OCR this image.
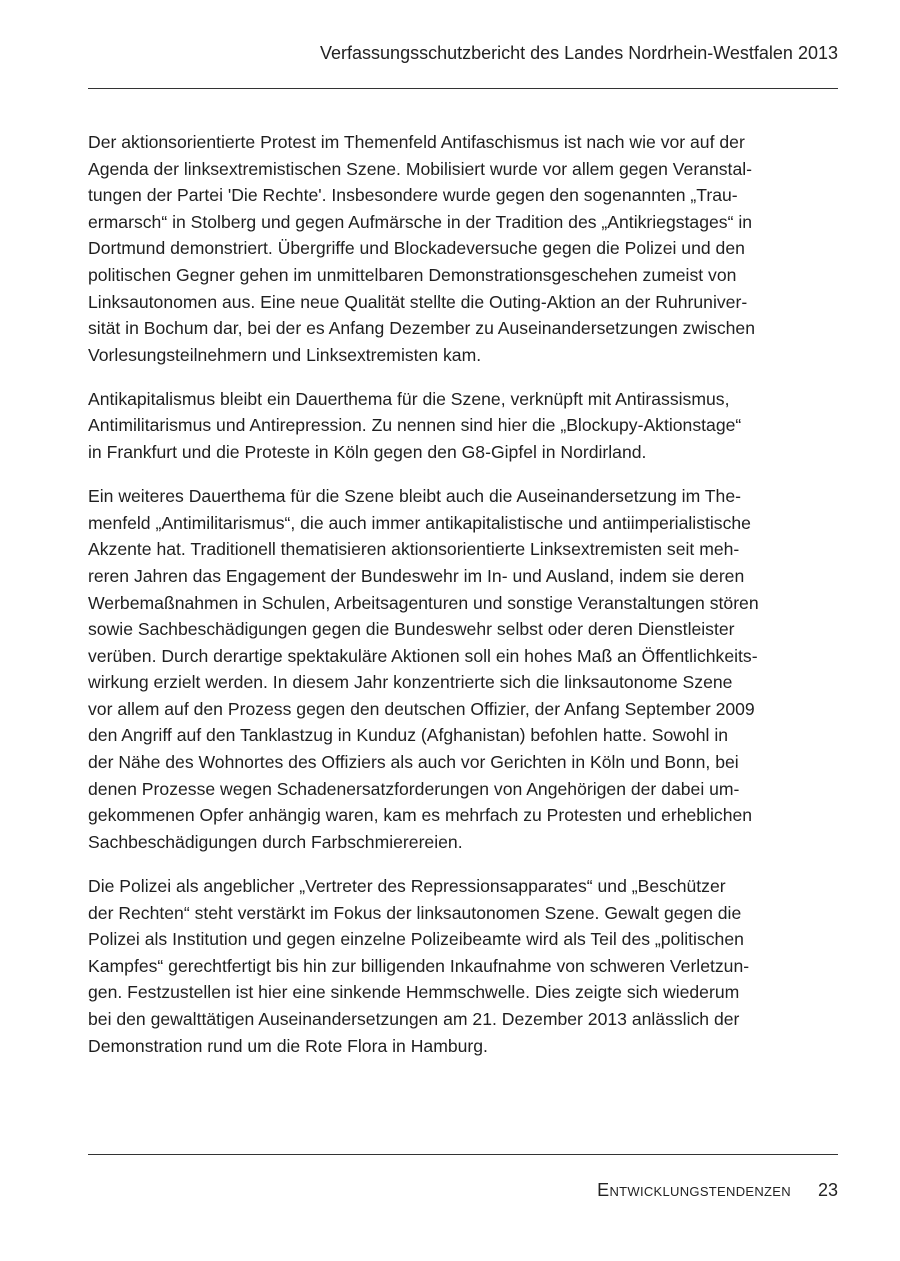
Verfassungsschutzbericht des Landes Nordrhein-Westfalen 2013

Der aktionsorientierte Protest im Themenfeld Antifaschismus ist nach wie vor auf der
Agenda der linksextremistischen Szene. Mobilisiert wurde vor allem gegen Veranstal-
tungen der Partei 'Die Rechte'. Insbesondere wurde gegen den sogenannten „Trau-
ermarsch“ in Stolberg und gegen Aufmärsche in der Tradition des „Antikriegstages“ in
Dortmund demonstriert. Übergriffe und Blockadeversuche gegen die Polizei und den
politischen Gegner gehen im unmittelbaren Demonstrationsgeschehen zumeist von
Linksautonomen aus. Eine neue Qualität stellte die Outing-Aktion an der Ruhruniver-
sität in Bochum dar, bei der es Anfang Dezember zu Auseinandersetzungen zwischen
Vorlesungsteilnehmern und Linksextremisten kam.

Antikapitalismus bleibt ein Dauerthema für die Szene, verknüpft mit Antirassismus,
Antimilitarismus und Antirepression. Zu nennen sind hier die „Blockupy-Aktionstage“
in Frankfurt und die Proteste in Köln gegen den G8-Gipfel in Nordirland.

Ein weiteres Dauerthema für die Szene bleibt auch die Auseinandersetzung im The-
menfeld „Antimilitarismus“, die auch immer antikapitalistische und antiimperialistische
Akzente hat. Traditionell thematisieren aktionsorientierte Linksextremisten seit meh-
reren Jahren das Engagement der Bundeswehr im In- und Ausland, indem sie deren
Werbemaßnahmen in Schulen, Arbeitsagenturen und sonstige Veranstaltungen stören
sowie Sachbeschädigungen gegen die Bundeswehr selbst oder deren Dienstleister
verüben. Durch derartige spektakuläre Aktionen soll ein hohes Maß an Öffentlichkeits-
wirkung erzielt werden. In diesem Jahr konzentrierte sich die linksautonome Szene
vor allem auf den Prozess gegen den deutschen Offizier, der Anfang September 2009
den Angriff auf den Tanklastzug in Kunduz (Afghanistan) befohlen hatte. Sowohl in
der Nähe des Wohnortes des Offiziers als auch vor Gerichten in Köln und Bonn, bei
denen Prozesse wegen Schadenersatzforderungen von Angehörigen der dabei um-
gekommenen Opfer anhängig waren, kam es mehrfach zu Protesten und erheblichen
Sachbeschädigungen durch Farbschmierereien.

Die Polizei als angeblicher „Vertreter des Repressionsapparates“ und „Beschützer
der Rechten“ steht verstärkt im Fokus der linksautonomen Szene. Gewalt gegen die
Polizei als Institution und gegen einzelne Polizeibeamte wird als Teil des „politischen
Kampfes“ gerechtfertigt bis hin zur billigenden Inkaufnahme von schweren Verletzun-
gen. Festzustellen ist hier eine sinkende Hemmschwelle. Dies zeigte sich wiederum
bei den gewalttätigen Auseinandersetzungen am 21. Dezember 2013 anlässlich der
Demonstration rund um die Rote Flora in Hamburg.

Entwicklungstendenzen 23
